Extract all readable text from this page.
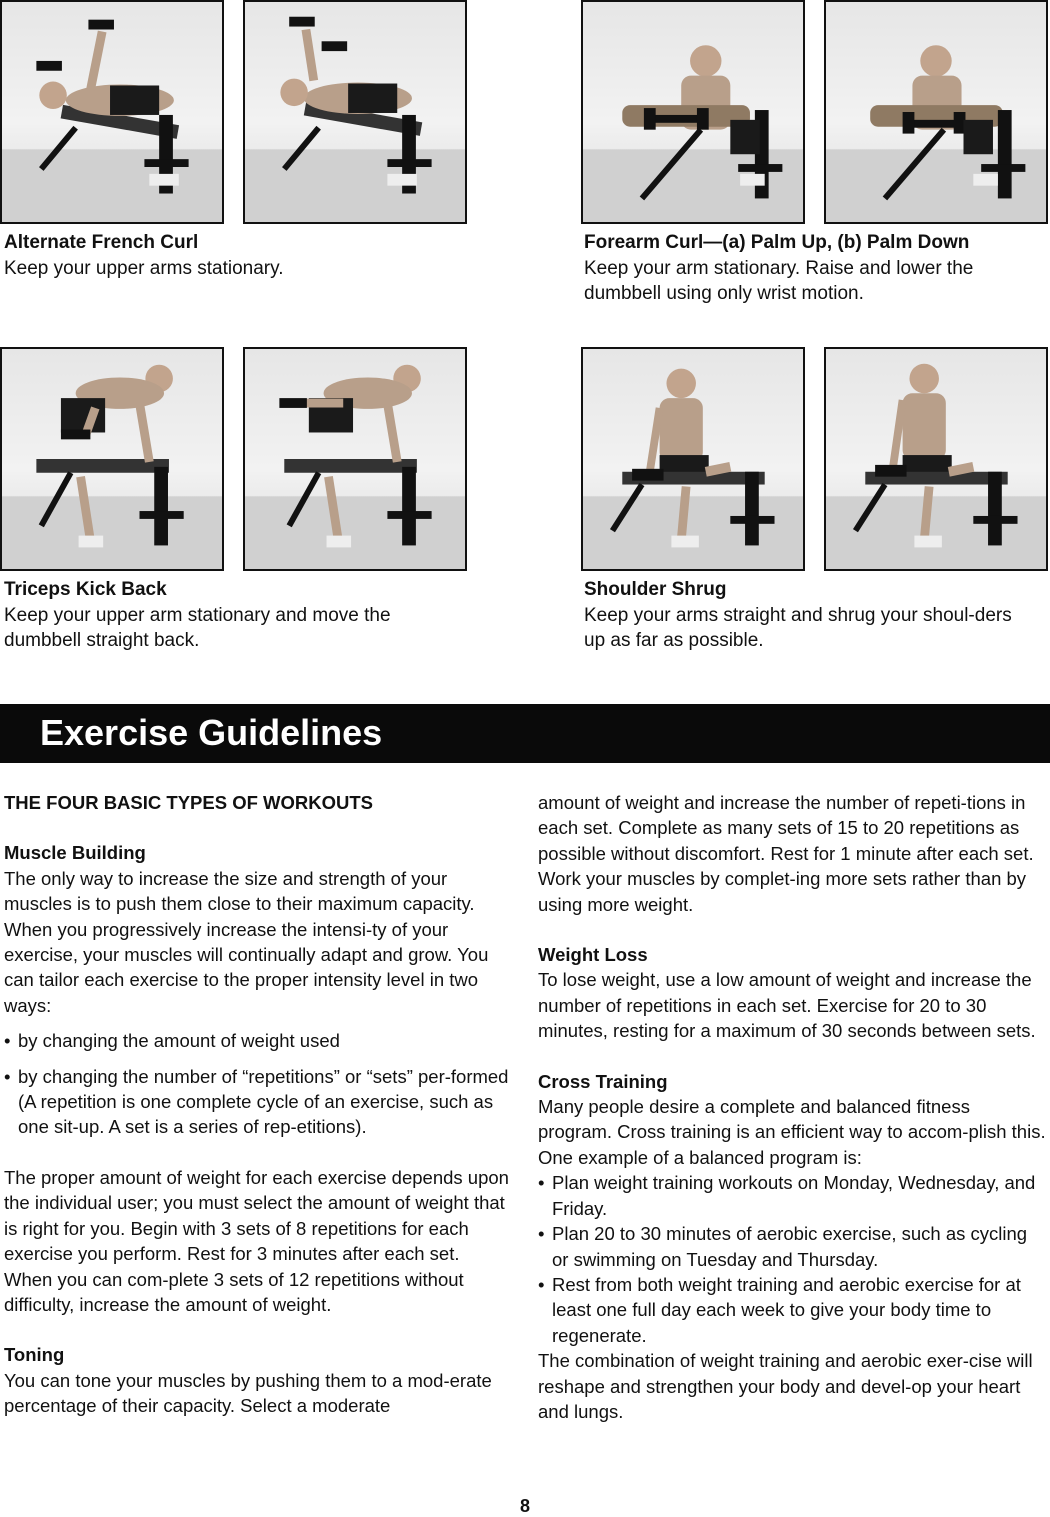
Alternate French Curl
Keep your upper arms stationary.
Forearm Curl—(a) Palm Up, (b) Palm Down
Keep your arm stationary. Raise and lower the dumbbell using only wrist motion.
Triceps Kick Back
Keep your upper arm stationary and move the dumbbell straight back.
Shoulder Shrug
Keep your arms straight and shrug your shoul-ders up as far as possible.
Exercise Guidelines
THE FOUR BASIC TYPES OF WORKOUTS
Muscle Building
The only way to increase the size and strength of your muscles is to push them close to their maximum capacity. When you progressively increase the intensi-ty of your exercise, your muscles will continually adapt and grow. You can tailor each exercise to the proper intensity level in two ways:
• by changing the amount of weight used
• by changing the number of “repetitions” or “sets” per-formed (A repetition is one complete cycle of an exercise, such as one sit-up. A set is a series of rep-etitions).
The proper amount of weight for each exercise depends upon the individual user; you must select the amount of weight that is right for you. Begin with 3 sets of 8 repetitions for each exercise you perform. Rest for 3 minutes after each set. When you can com-plete 3 sets of 12 repetitions without difficulty, increase the amount of weight.
Toning
You can tone your muscles by pushing them to a mod-erate percentage of their capacity. Select a moderate
amount of weight and increase the number of repeti-tions in each set. Complete as many sets of 15 to 20 repetitions as possible without discomfort. Rest for 1 minute after each set. Work your muscles by complet-ing more sets rather than by using more weight.
Weight Loss
To lose weight, use a low amount of weight and increase the number of repetitions in each set. Exercise for 20 to 30 minutes, resting for a maximum of 30 seconds between sets.
Cross Training
Many people desire a complete and balanced fitness program. Cross training is an efficient way to accom-plish this. One example of a balanced program is:
• Plan weight training workouts on Monday, Wednesday, and Friday.
• Plan 20 to 30 minutes of aerobic exercise, such as cycling or swimming on Tuesday and Thursday.
• Rest from both weight training and aerobic exercise for at least one full day each week to give your body time to regenerate.
The combination of weight training and aerobic exer-cise will reshape and strengthen your body and devel-op your heart and lungs.
8
